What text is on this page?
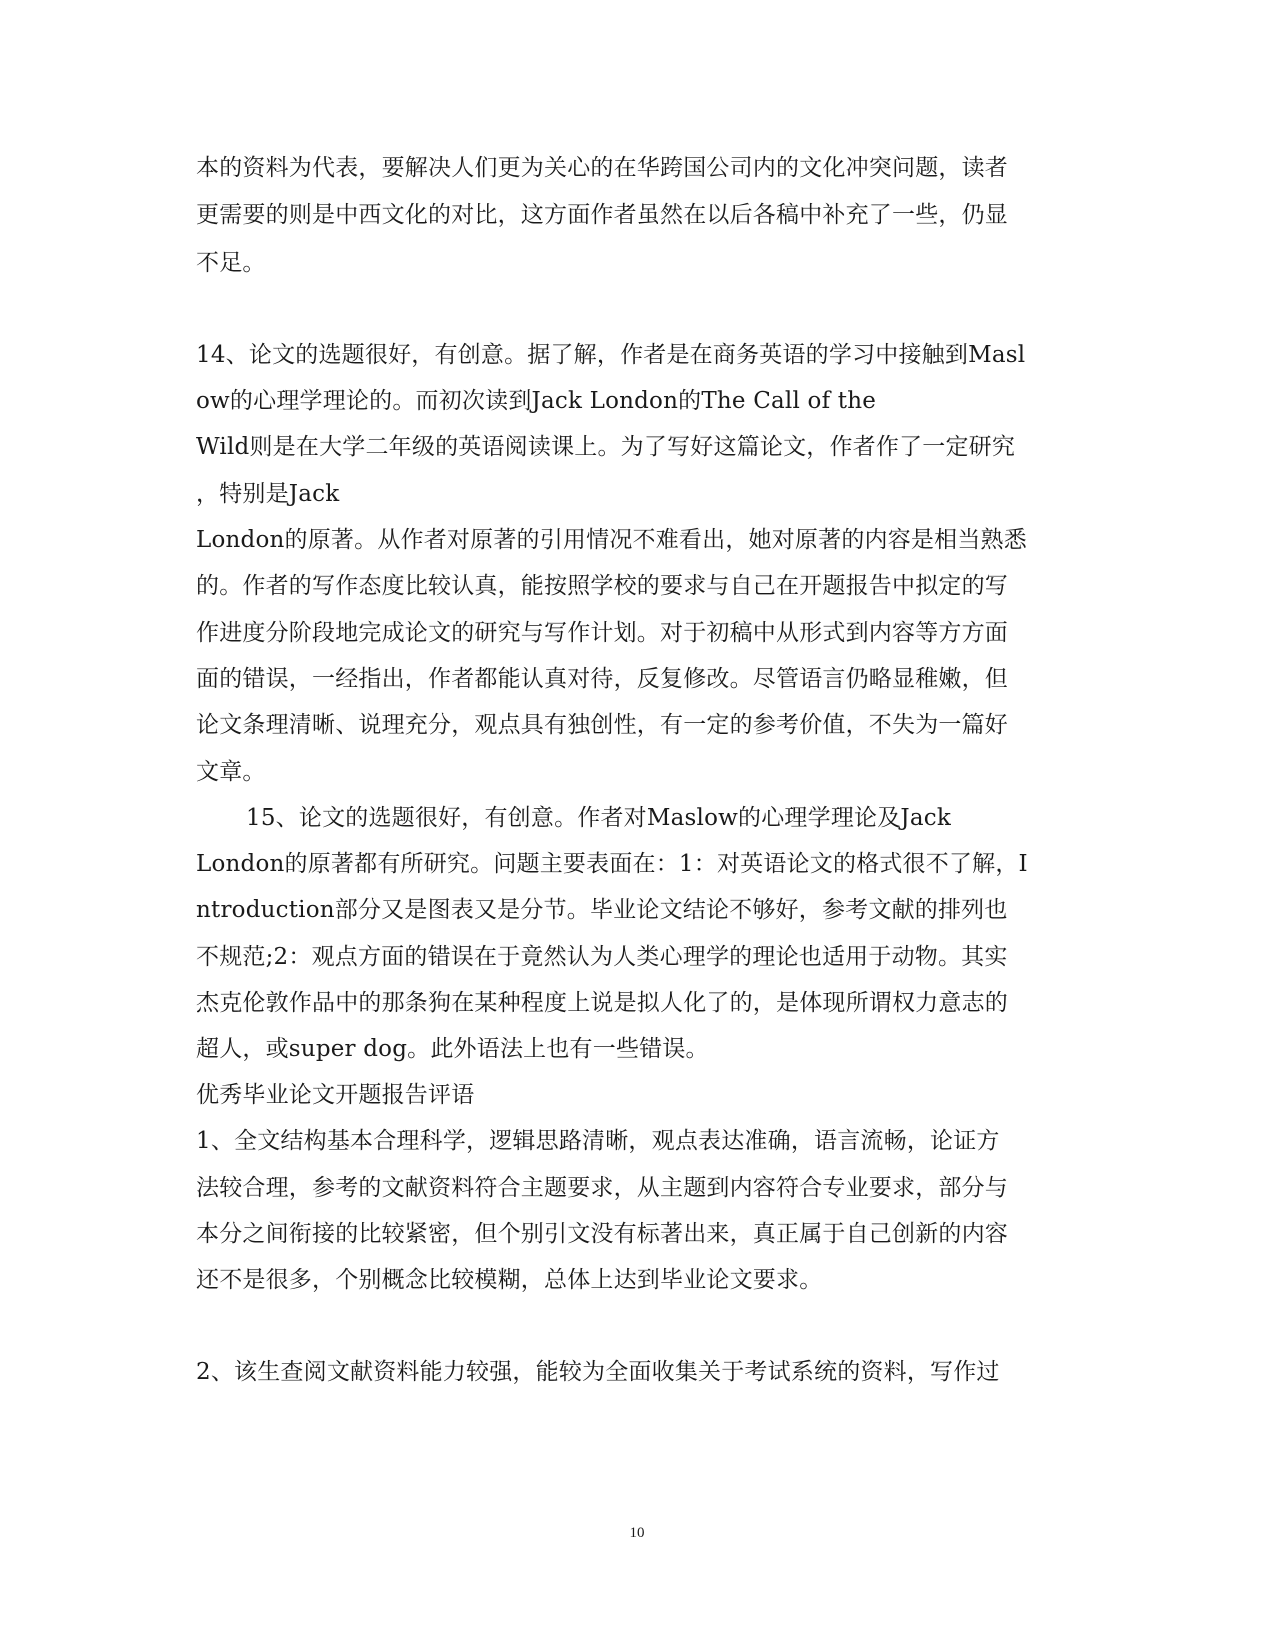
本的资料为代表，要解决人们更为关心的在华跨国公司内的文化冲突问题，读者
更需要的则是中西文化的对比，这方面作者虽然在以后各稿中补充了一些，仍显
不足。
14、论文的选题很好，有创意。据了解，作者是在商务英语的学习中接触到Masl
ow的心理学理论的。而初次读到Jack London的The Call of the
Wild则是在大学二年级的英语阅读课上。为了写好这篇论文，作者作了一定研究
，特别是Jack
London的原著。从作者对原著的引用情况不难看出，她对原著的内容是相当熟悉
的。作者的写作态度比较认真，能按照学校的要求与自己在开题报告中拟定的写
作进度分阶段地完成论文的研究与写作计划。对于初稿中从形式到内容等方方面
面的错误，一经指出，作者都能认真对待，反复修改。尽管语言仍略显稚嫩，但
论文条理清晰、说理充分，观点具有独创性，有一定的参考价值，不失为一篇好
文章。
15、论文的选题很好，有创意。作者对Maslow的心理学理论及Jack
London的原著都有所研究。问题主要表面在：1：对英语论文的格式很不了解，I
ntroduction部分又是图表又是分节。毕业论文结论不够好，参考文献的排列也
不规范;2：观点方面的错误在于竟然认为人类心理学的理论也适用于动物。其实
杰克伦敦作品中的那条狗在某种程度上说是拟人化了的，是体现所谓权力意志的
超人，或super dog。此外语法上也有一些错误。
优秀毕业论文开题报告评语
1、全文结构基本合理科学，逻辑思路清晰，观点表达准确，语言流畅，论证方
法较合理，参考的文献资料符合主题要求，从主题到内容符合专业要求，部分与
本分之间衔接的比较紧密，但个别引文没有标著出来，真正属于自己创新的内容
还不是很多，个别概念比较模糊，总体上达到毕业论文要求。
2、该生查阅文献资料能力较强，能较为全面收集关于考试系统的资料，写作过
10
